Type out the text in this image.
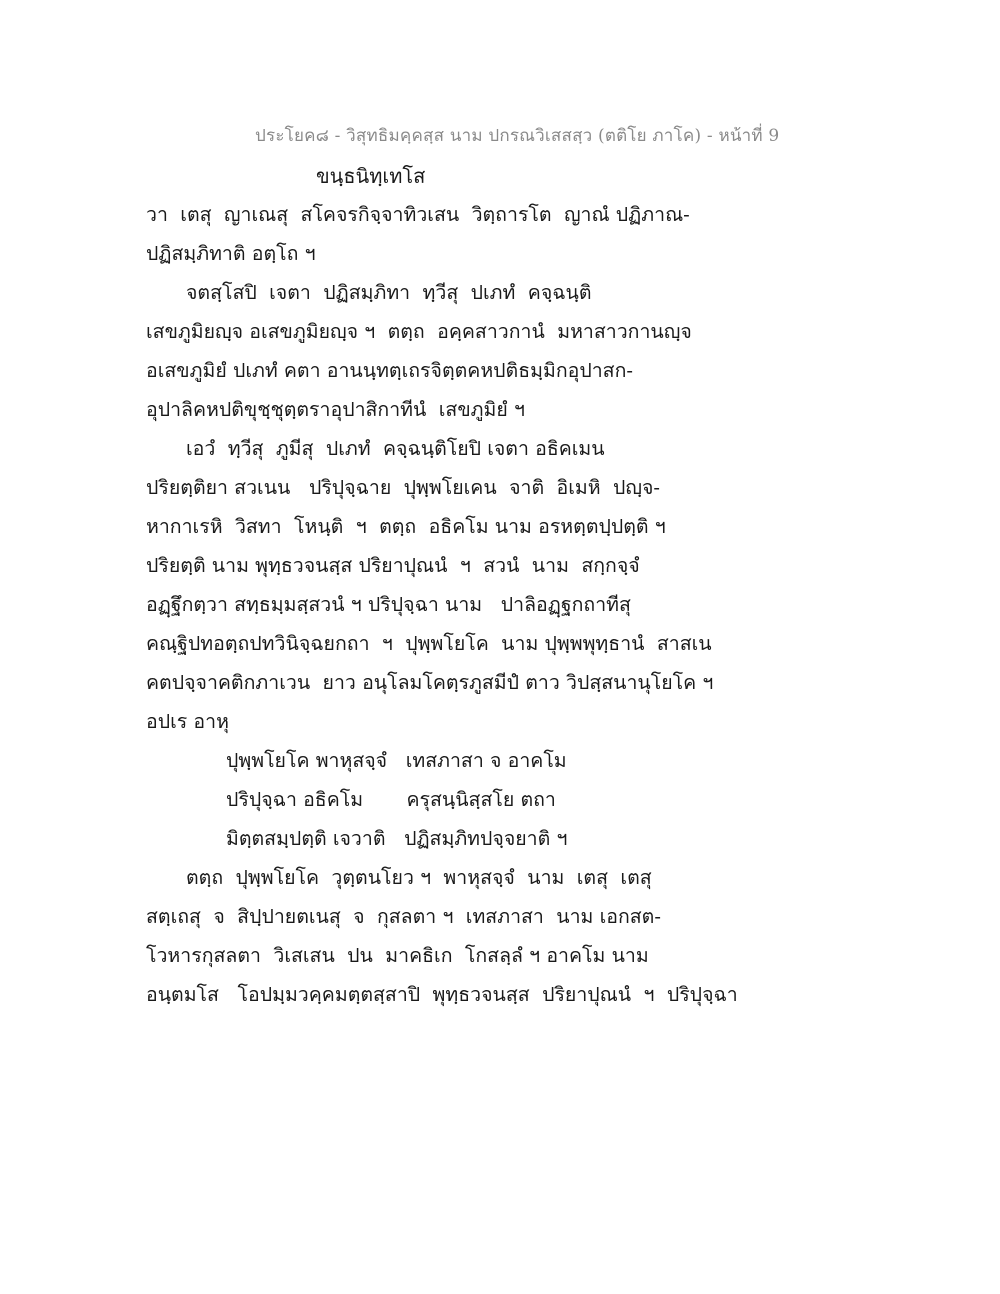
ประโยค๘ - วิสุทธิมคฺคสฺส นาม ปกรณวิเสสสฺว (ตติโย ภาโค) - หน้าที่ 9
ขนฺธนิทฺเทโส
วา  เตสุ  ญาเณสุ  สโคจรกิจฺจาทิวเสน  วิตฺถารโต  ญาณํ ปฏิภาณ-
ปฏิสมฺภิทาติ อตฺโถ ฯ
จตสฺโสปิ  เจตา  ปฏิสมฺภิทา  ทฺวีสุ  ปเภทํ  คจฺฉนฺติ
เสขภูมิยญฺจ อเสขภูมิยญฺจ ฯ  ตตฺถ  อคฺคสาวกานํ  มหาสาวกานญฺจ
อเสขภูมิยํ ปเภทํ คตา อานนฺทตฺเถรจิตฺตคหปติธมฺมิกอุปาสก-
อุปาลิคหปติขุชฺชุตฺตราอุปาสิกาทีนํ  เสขภูมิยํ ฯ
เอวํ  ทฺวีสุ  ภูมีสุ  ปเภทํ  คจฺฉนฺติโยปิ เจตา อธิคเมน
ปริยตฺติยา สวเนน   ปริปุจฺฉาย  ปุพฺพโยเคน  จาติ  อิเมหิ  ปญฺจ-
หากาเรหิ  วิสทา  โหนฺติ  ฯ  ตตฺถ  อธิคโม นาม อรหตฺตปฺปตฺติ ฯ
ปริยตฺติ นาม พุทฺธวจนสฺส ปริยาปุณนํ  ฯ  สวนํ  นาม  สกฺกจฺจํ
อฏฺฐึกตฺวา สทฺธมฺมสฺสวนํ ฯ ปริปุจฺฉา นาม   ปาลิอฏฺฐกถาทีสุ
คณฺฐิปทอตฺถปทวินิจฺฉยกถา  ฯ  ปุพฺพโยโค  นาม ปุพฺพพุทฺธานํ  สาสเน
คตปจฺจาคติกภาเวน  ยาว อนุโลมโคตฺรภูสมีปํ ตาว วิปสฺสนานุโยโค ฯ
อปเร อาหุ
ปุพฺพโยโค พาหุสจฺจํ   เทสภาสา จ อาคโม
ปริปุจฺฉา อธิคโม       ครุสนฺนิสฺสโย ตถา
มิตฺตสมฺปตฺติ เจวาติ   ปฏิสมฺภิทปจฺจยาติ ฯ
ตตฺถ  ปุพฺพโยโค  วุตฺตนโยว ฯ  พาหุสจฺจํ  นาม  เตสุ  เตสุ
สตฺเถสุ  จ  สิปฺปายตเนสุ  จ  กุสลตา ฯ  เทสภาสา  นาม เอกสต-
โวหารกุสลตา  วิเสเสน  ปน  มาคธิเก  โกสลฺลํ ฯ อาคโม นาม
อนฺตมโส   โอปมฺมวคฺคมตฺตสฺสาปิ  พุทฺธวจนสฺส  ปริยาปุณนํ  ฯ  ปริปุจฺฉา
